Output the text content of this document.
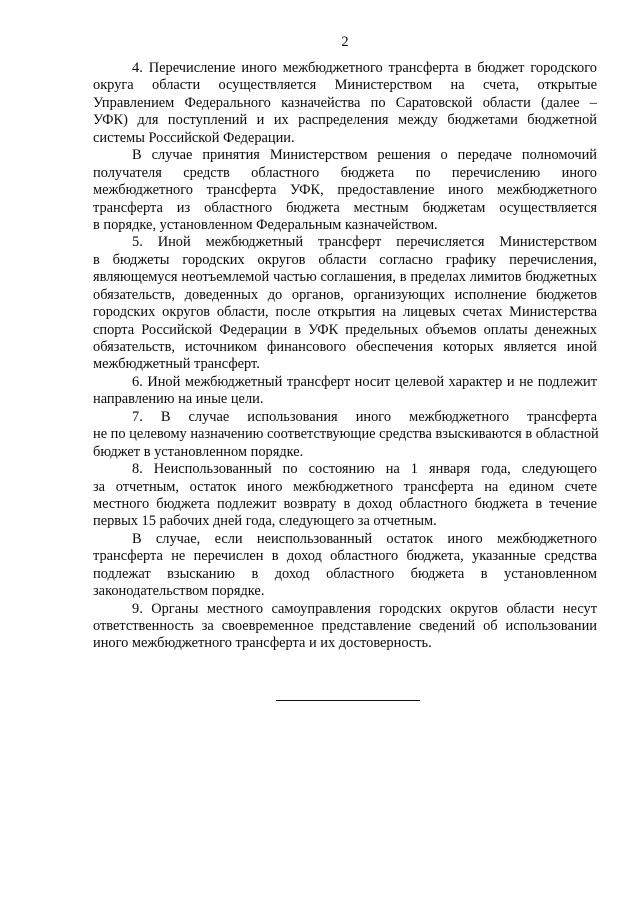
2
4. Перечисление иного межбюджетного трансферта в бюджет городского
округа области осуществляется Министерством на счета, открытые
Управлением Федерального казначейства по Саратовской области (далее –
УФК) для поступлений и их распределения между бюджетами бюджетной
системы Российской Федерации.
В случае принятия Министерством решения о передаче полномочий
получателя средств областного бюджета по перечислению иного
межбюджетного трансферта УФК, предоставление иного межбюджетного
трансферта из областного бюджета местным бюджетам осуществляется
в порядке, установленном Федеральным казначейством.
5. Иной межбюджетный трансферт перечисляется Министерством
в бюджеты городских округов области согласно графику перечисления,
являющемуся неотъемлемой частью соглашения, в пределах лимитов бюджетных
обязательств, доведенных до органов, организующих исполнение бюджетов
городских округов области, после открытия на лицевых счетах Министерства
спорта Российской Федерации в УФК предельных объемов оплаты денежных
обязательств, источником финансового обеспечения которых является иной
межбюджетный трансферт.
6. Иной межбюджетный трансферт носит целевой характер и не подлежит
направлению на иные цели.
7. В случае использования иного межбюджетного трансферта
не по целевому назначению соответствующие средства взыскиваются в областной
бюджет в установленном порядке.
8. Неиспользованный по состоянию на 1 января года, следующего
за отчетным, остаток иного межбюджетного трансферта на едином счете
местного бюджета подлежит возврату в доход областного бюджета в течение
первых 15 рабочих дней года, следующего за отчетным.
В случае, если неиспользованный остаток иного межбюджетного
трансферта не перечислен в доход областного бюджета, указанные средства
подлежат взысканию в доход областного бюджета в установленном
законодательством порядке.
9. Органы местного самоуправления городских округов области несут
ответственность за своевременное представление сведений об использовании
иного межбюджетного трансферта и их достоверность.
